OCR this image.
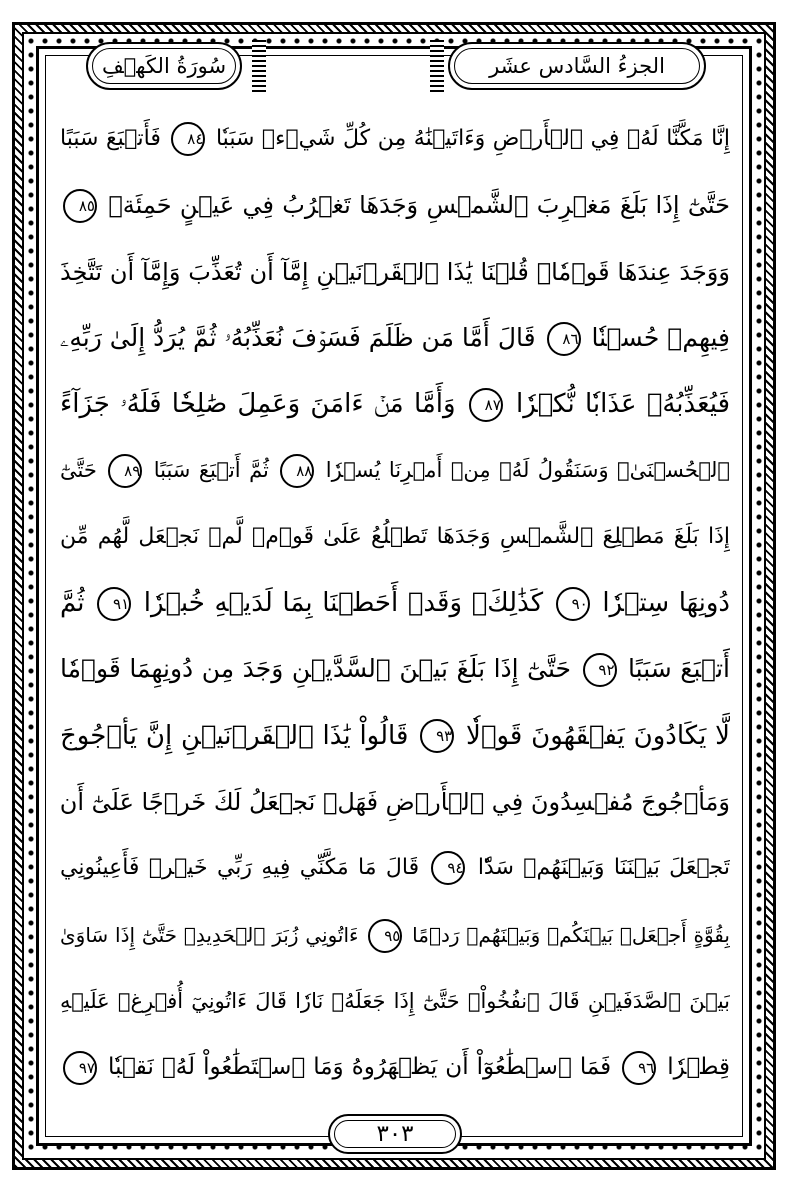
الجزءُ السَّادس عشَر
سُورَةُ الكَهۡفِ
إِنَّا مَكَّنَّا لَهُۥ فِي ٱلۡأَرۡضِ وَءَاتَيۡنَٰهُ مِن كُلِّ شَيۡءٖ سَبَبٗا ٨٤ فَأَتۡبَعَ سَبَبًا
حَتَّىٰٓ إِذَا بَلَغَ مَغۡرِبَ ٱلشَّمۡسِ وَجَدَهَا تَغۡرُبُ فِي عَيۡنٍ حَمِئَةٖ ٨٥
وَوَجَدَ عِندَهَا قَوۡمٗاۗ قُلۡنَا يَٰذَا ٱلۡقَرۡنَيۡنِ إِمَّآ أَن تُعَذِّبَ وَإِمَّآ أَن تَتَّخِذَ
فِيهِمۡ حُسۡنٗا ٨٦ قَالَ أَمَّا مَن ظَلَمَ فَسَوۡفَ نُعَذِّبُهُۥ ثُمَّ يُرَدُّ إِلَىٰ رَبِّهِۦ
فَيُعَذِّبُهُۥ عَذَابٗا نُّكۡرٗا ٨٧ وَأَمَّا مَنۡ ءَامَنَ وَعَمِلَ صَٰلِحٗا فَلَهُۥ جَزَآءً
ٱلۡحُسۡنَىٰۖ وَسَنَقُولُ لَهُۥ مِنۡ أَمۡرِنَا يُسۡرٗا ٨٨ ثُمَّ أَتۡبَعَ سَبَبًا ٨٩ حَتَّىٰٓ
إِذَا بَلَغَ مَطۡلِعَ ٱلشَّمۡسِ وَجَدَهَا تَطۡلُعُ عَلَىٰ قَوۡمٖ لَّمۡ نَجۡعَل لَّهُم مِّن
دُونِهَا سِتۡرٗا ٩٠ كَذَٰلِكَۖ وَقَدۡ أَحَطۡنَا بِمَا لَدَيۡهِ خُبۡرٗا ٩١ ثُمَّ
أَتۡبَعَ سَبَبًا ٩٢ حَتَّىٰٓ إِذَا بَلَغَ بَيۡنَ ٱلسَّدَّيۡنِ وَجَدَ مِن دُونِهِمَا قَوۡمٗا
لَّا يَكَادُونَ يَفۡقَهُونَ قَوۡلٗا ٩٣ قَالُواْ يَٰذَا ٱلۡقَرۡنَيۡنِ إِنَّ يَأۡجُوجَ
وَمَأۡجُوجَ مُفۡسِدُونَ فِي ٱلۡأَرۡضِ فَهَلۡ نَجۡعَلُ لَكَ خَرۡجًا عَلَىٰٓ أَن
تَجۡعَلَ بَيۡنَنَا وَبَيۡنَهُمۡ سَدّٗا ٩٤ قَالَ مَا مَكَّنِّي فِيهِ رَبِّي خَيۡرٞ فَأَعِينُونِي
بِقُوَّةٍ أَجۡعَلۡ بَيۡنَكُمۡ وَبَيۡنَهُمۡ رَدۡمًا ٩٥ ءَاتُونِي زُبَرَ ٱلۡحَدِيدِۖ حَتَّىٰٓ إِذَا سَاوَىٰ
بَيۡنَ ٱلصَّدَفَيۡنِ قَالَ ٱنفُخُواْۖ حَتَّىٰٓ إِذَا جَعَلَهُۥ نَارٗا قَالَ ءَاتُونِيٓ أُفۡرِغۡ عَلَيۡهِ
قِطۡرٗا ٩٦ فَمَا ٱسۡطَٰعُوٓاْ أَن يَظۡهَرُوهُ وَمَا ٱسۡتَطَٰعُواْ لَهُۥ نَقۡبٗا ٩٧
٣٠٣
